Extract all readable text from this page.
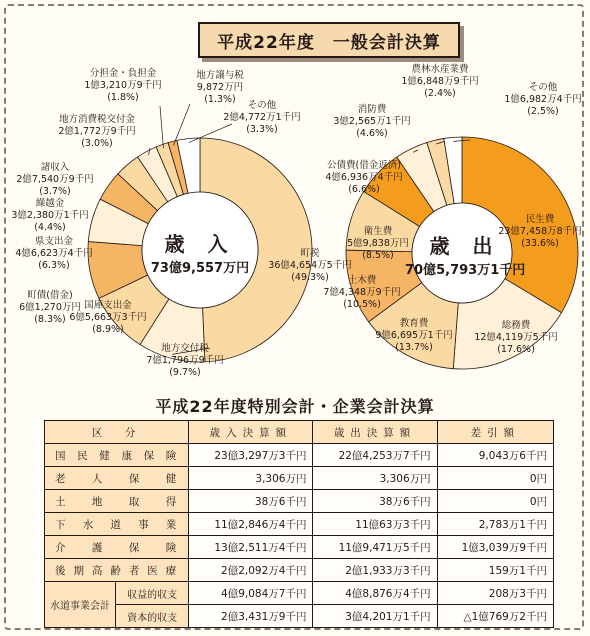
平成22年度　一般会計決算
歳 入
73億9,557万円
歳 出
70億5,793万1千円
町税
36億4,654万5千円
(49.3%)
地方交付税
7億1,796万9千円
(9.7%)
国庫支出金
6億5,663万3千円
(8.9%)
町債(借金)
6億1,270万円
(8.3%)
県支出金
4億6,623万4千円
(6.3%)
繰越金
3億2,380万1千円
(4.4%)
諸収入
2億7,540万9千円
(3.7%)
地方消費税交付金
2億1,772万9千円
(3.0%)
分担金・負担金
1億3,210万9千円
(1.8%)
地方譲与税
9,872万円
(1.3%)
その他
2億4,772万1千円
(3.3%)
民生費
23億7,458万8千円
(33.6%)
総務費
12億4,119万5千円
(17.6%)
教育費
9億6,695万1千円
(13.7%)
土木費
7億4,348万9千円
(10.5%)
衛生費
5億9,838万円
(8.5%)
公債費(借金返済)
4億6,936万4千円
(6.6%)
消防費
3億2,565万1千円
(4.6%)
農林水産業費
1億6,848万9千円
(2.4%)
その他
1億6,982万4千円
(2.5%)
平成22年度特別会計・企業会計決算
区　分		歳入決算額	歳出決算額	差引額
国民健康保険		23億3,297万3千円	22億4,253万7千円	9,043万6千円
老人保健		3,306万円	3,306万円	0円
土地取得		38万6千円	38万6千円	0円
下水道事業		11億2,846万4千円	11億63万3千円	2,783万1千円
介護保険		13億2,511万4千円	11億9,471万5千円	1億3,039万9千円
後期高齢者医療		2億2,092万4千円	2億1,933万3千円	159万1千円
水道事業会計	収益的収支	4億9,084万7千円	4億8,876万4千円	208万3千円
	資本的収支	2億3,431万9千円	3億4,201万1千円	△1億769万2千円
